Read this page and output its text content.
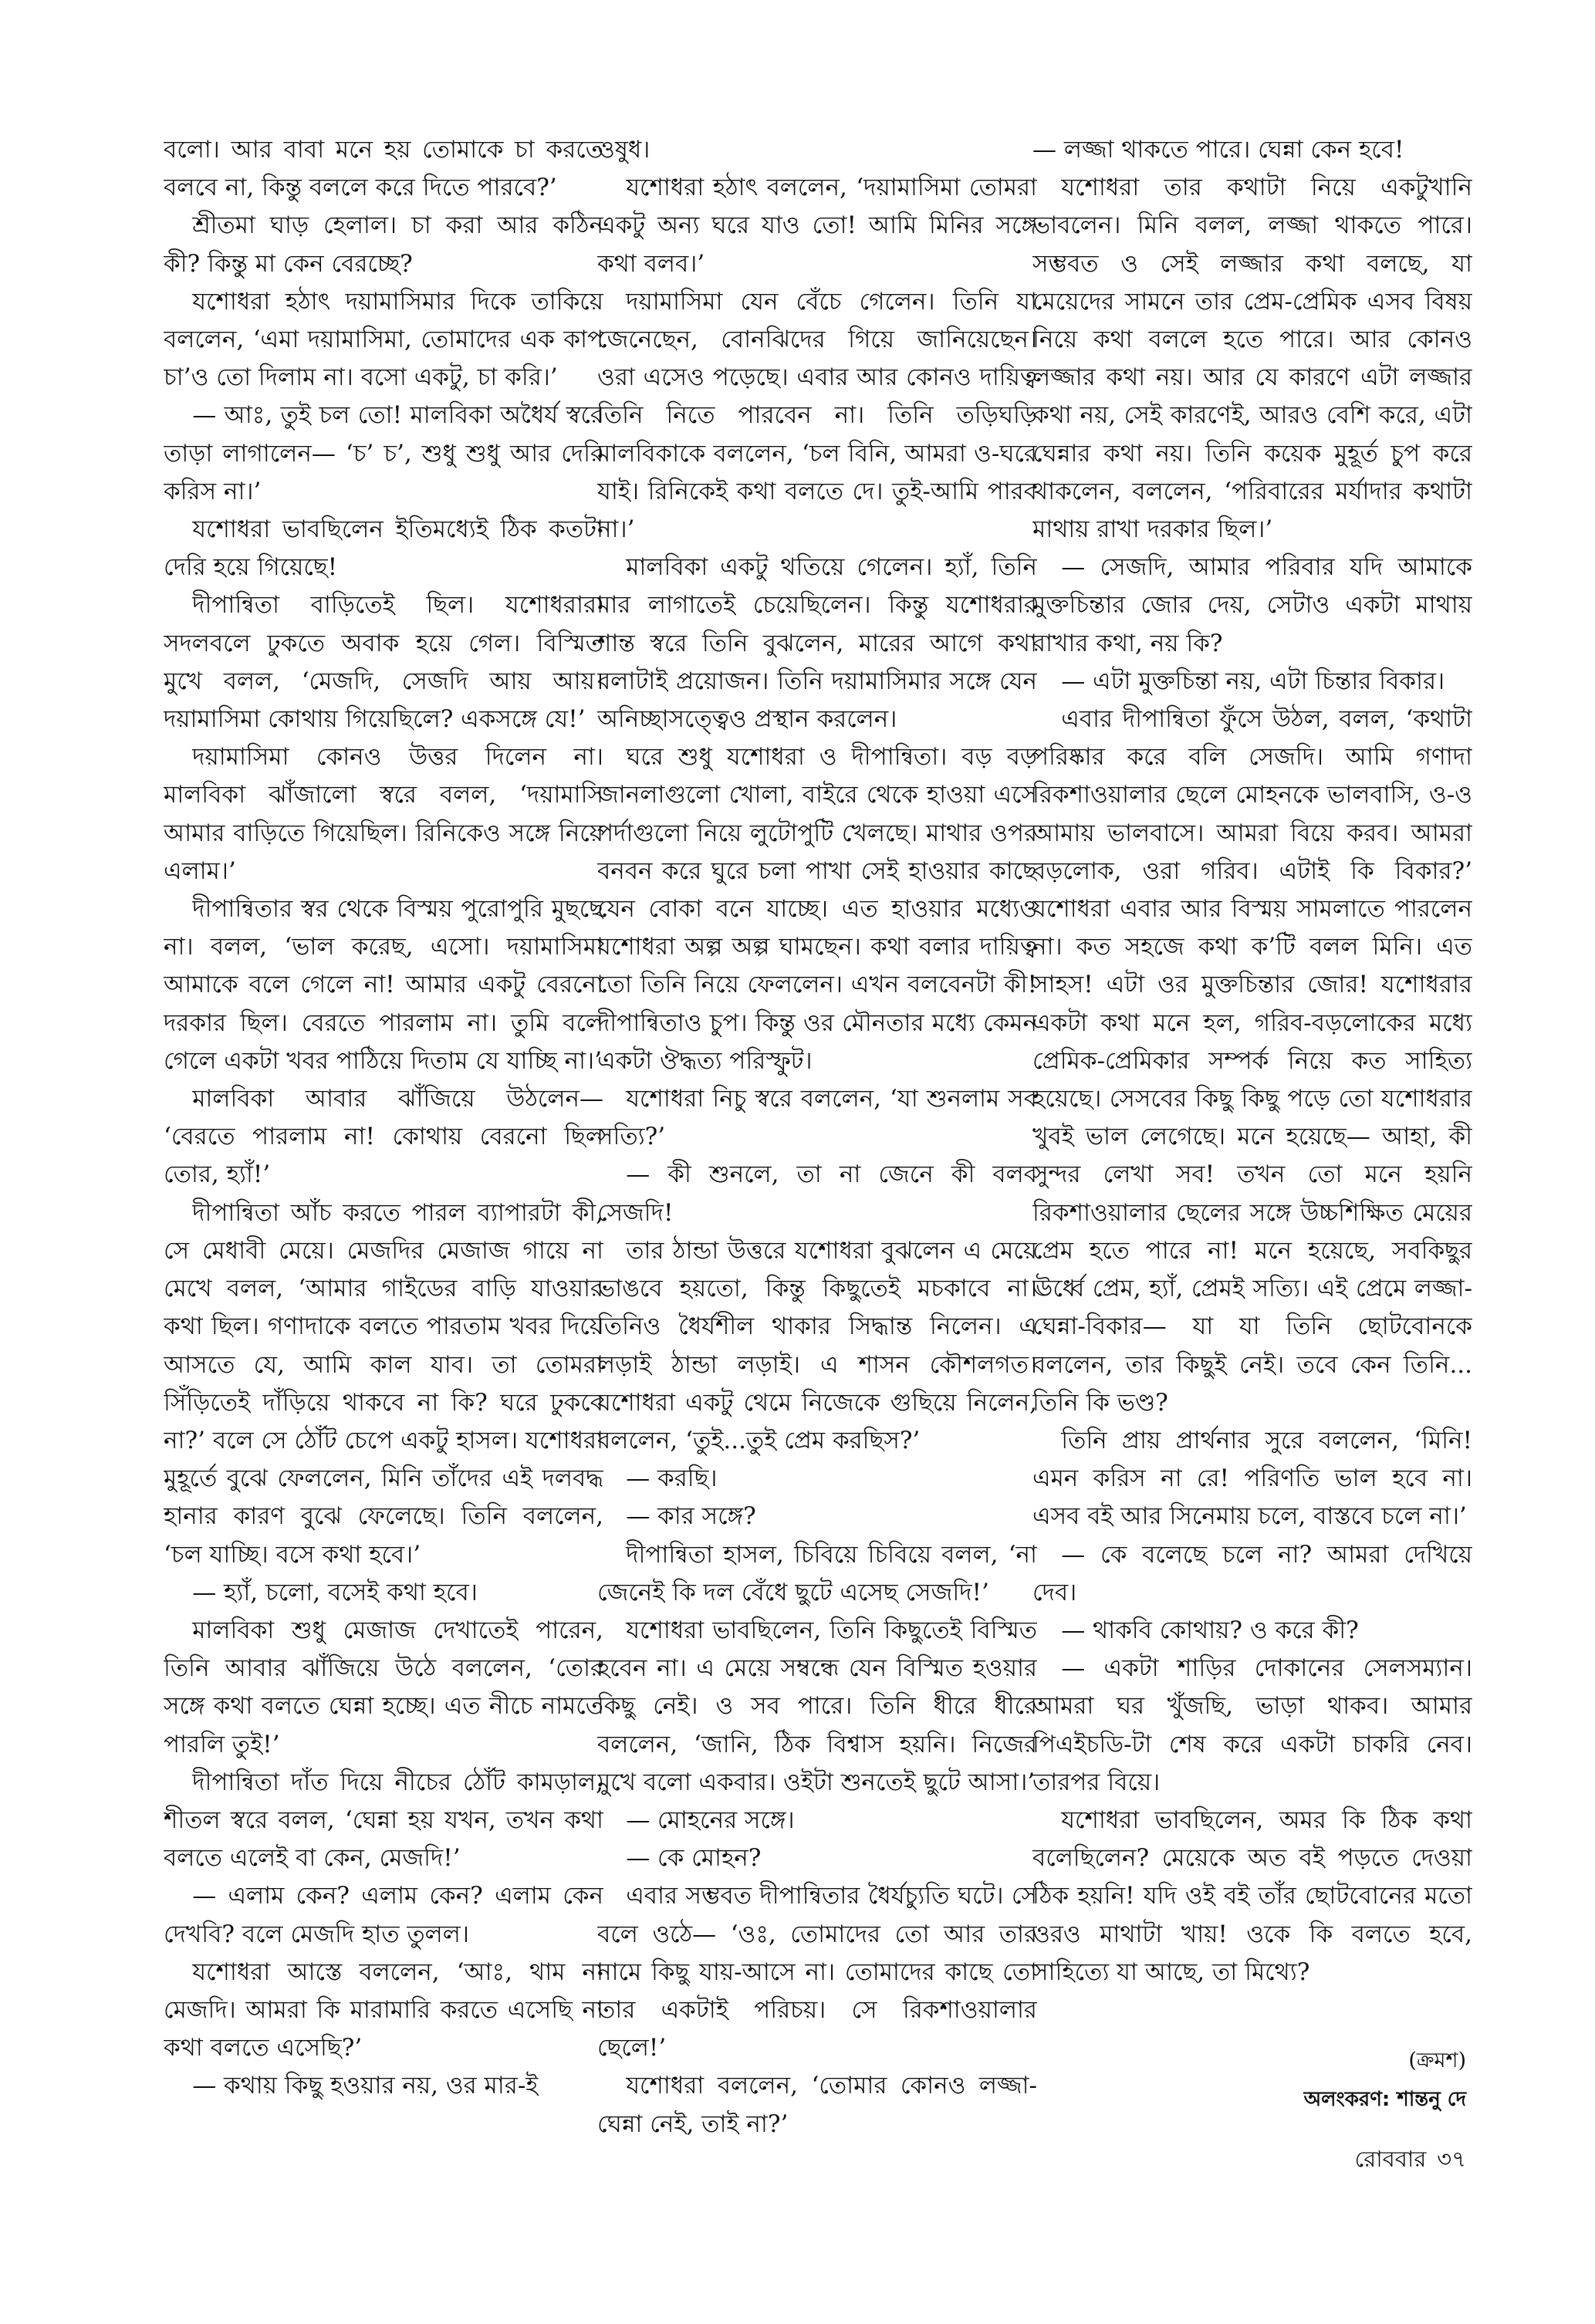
বলো। আর বাবা মনে হয় তোমাকে চা করতে বলবে না, কিন্তু বললে করে দিতে পারবে?’

শ্রীতমা ঘাড় হেলাল। চা করা আর কঠিন কী? কিন্তু মা কেন বেরচ্ছে?

যশোধরা হঠাৎ দয়ামাসিমার দিকে তাকিয়ে বললেন, ‘এমা দয়ামাসিমা, তোমাদের এক কাপ চা’ও তো দিলাম না। বসো একটু, চা করি।’

— আঃ, তুই চল তো! মালবিকা অধৈর্য স্বরে তাড়া লাগালেন— ‘চ’ চ’, শুধু শুধু আর দেরি করিস না।’

যশোধরা ভাবছিলেন ইতিমধ্যেই ঠিক কতটা দেরি হয়ে গিয়েছে!

দীপান্বিতা বাড়িতেই ছিল। যশোধরারা সদলবলে ঢুকতে অবাক হয়ে গেল। বিস্মিত মুখে বলল, ‘মেজদি, সেজদি আয় আয়। দয়ামাসিমা কোথায় গিয়েছিলে? একসঙ্গে যে!’

দয়ামাসিমা কোনও উত্তর দিলেন না। মালবিকা ঝাঁজালো স্বরে বলল, ‘দয়ামাসি আমার বাড়িতে গিয়েছিল। রিনিকেও সঙ্গে নিয়ে এলাম।’

দীপান্বিতার স্বর থেকে বিস্ময় পুরোপুরি মুছছে না। বলল, ‘ভাল করেছ, এসো। দয়ামাসিমা আমাকে বলে গেলে না! আমার একটু বেরনো দরকার ছিল। বেরতে পারলাম না। তুমি বলে গেলে একটা খবর পাঠিয়ে দিতাম যে যাচ্ছি না।’

মালবিকা আবার ঝাঁজিয়ে উঠলেন— ‘বেরতে পারলাম না! কোথায় বেরনো ছিল তোর, হ্যাঁ!’

দীপান্বিতা আঁচ করতে পারল ব্যাপারটা কী, সে মেধাবী মেয়ে। মেজদির মেজাজ গায়ে না মেখে বলল, ‘আমার গাইডের বাড়ি যাওয়ার কথা ছিল। গণাদাকে বলতে পারতাম খবর দিয়ে আসতে যে, আমি কাল যাব। তা তোমরা সিঁড়িতেই দাঁড়িয়ে থাকবে না কি? ঘরে ঢুকবে না?’ বলে সে ঠোঁট চেপে একটু হাসল। যশোধরা মুহূর্তে বুঝে ফেললেন, মিনি তাঁদের এই দলবদ্ধ হানার কারণ বুঝে ফেলেছে। তিনি বললেন, ‘চল যাচ্ছি। বসে কথা হবে।’

— হ্যাঁ, চলো, বসেই কথা হবে।

মালবিকা শুধু মেজাজ দেখাতেই পারেন, তিনি আবার ঝাঁজিয়ে উঠে বললেন, ‘তোর সঙ্গে কথা বলতে ঘেন্না হচ্ছে। এত নীচে নামতে পারলি তুই!’

দীপান্বিতা দাঁত দিয়ে নীচের ঠোঁট কামড়াল, শীতল স্বরে বলল, ‘ঘেন্না হয় যখন, তখন কথা বলতে এলেই বা কেন, মেজদি!’

— এলাম কেন? এলাম কেন? এলাম কেন দেখবি? বলে মেজদি হাত তুলল।

যশোধরা আস্তে বললেন, ‘আঃ, থাম না মেজদি। আমরা কি মারামারি করতে এসেছি না কথা বলতে এসেছি?’

— কথায় কিছু হওয়ার নয়, ওর মার-ই

ওষুধ।

যশোধরা হঠাৎ বললেন, ‘দয়ামাসিমা তোমরা একটু অন্য ঘরে যাও তো! আমি মিনির সঙ্গে কথা বলব।’

দয়ামাসিমা যেন বেঁচে গেলেন। তিনি যা জেনেছেন, বোনঝিদের গিয়ে জানিয়েছেন। ওরা এসেও পড়েছে। এবার আর কোনও দায়িত্ব তিনি নিতে পারবেন না। তিনি তড়িঘড়ি মালবিকাকে বললেন, ‘চল বিনি, আমরা ও-ঘরে যাই। রিনিকেই কথা বলতে দে। তুই-আমি পারব না।’

মালবিকা একটু থতিয়ে গেলেন। হ্যাঁ, তিনি মার লাগাতেই চেয়েছিলেন। কিন্তু যশোধরার শান্ত স্বরে তিনি বুঝলেন, মারের আগে কথা বলাটাই প্রয়োজন। তিনি দয়ামাসিমার সঙ্গে যেন অনিচ্ছাসত্ত্বেও প্রস্থান করলেন।

ঘরে শুধু যশোধরা ও দীপান্বিতা। বড় বড় জানলাগুলো খোলা, বাইরে থেকে হাওয়া এসে পর্দাগুলো নিয়ে লুটোপুটি খেলছে। মাথার ওপর বনবন করে ঘুরে চলা পাখা সেই হাওয়ার কাছে যেন বোকা বনে যাচ্ছে। এত হাওয়ার মধ্যেও যশোধরা অল্প অল্প ঘামছেন। কথা বলার দায়িত্ব তো তিনি নিয়ে ফেললেন। এখন বলবেনটা কী! দীপান্বিতাও চুপ। কিন্তু ওর মৌনতার মধ্যে কেমন একটা ঔদ্ধত্য পরিস্ফুট।

যশোধরা নিচু স্বরে বললেন, ‘যা শুনলাম সব সত্যি?’

— কী শুনলে, তা না জেনে কী বলব সেজদি!

তার ঠান্ডা উত্তরে যশোধরা বুঝলেন এ মেয়ে ভাঙবে হয়তো, কিন্তু কিছুতেই মচকাবে না। তিনিও ধৈর্যশীল থাকার সিদ্ধান্ত নিলেন। এ লড়াই ঠান্ডা লড়াই। এ শাসন কৌশলগত। যশোধরা একটু থেমে নিজেকে গুছিয়ে নিলেন, বললেন, ‘তুই...তুই প্রেম করছিস?’

— করছি।

— কার সঙ্গে?

দীপান্বিতা হাসল, চিবিয়ে চিবিয়ে বলল, ‘না জেনেই কি দল বেঁধে ছুটে এসেছ সেজদি!’

যশোধরা ভাবছিলেন, তিনি কিছুতেই বিস্মিত হবেন না। এ মেয়ে সম্বন্ধে যেন বিস্মিত হওয়ার কিছু নেই। ও সব পারে। তিনি ধীরে ধীরে বললেন, ‘জানি, ঠিক বিশ্বাস হয়নি। নিজের মুখে বলো একবার। ওইটা শুনতেই ছুটে আসা।’

— মোহনের সঙ্গে।

— কে মোহন?

এবার সম্ভবত দীপান্বিতার ধৈর্যচ্যুতি ঘটে। সে বলে ওঠে— ‘ওঃ, তোমাদের তো আর তার নামে কিছু যায়-আসে না। তোমাদের কাছে তো তার একটাই পরিচয়। সে রিকশাওয়ালার ছেলে!’

যশোধরা বললেন, ‘তোমার কোনও লজ্জা-ঘেন্না নেই, তাই না?’

— লজ্জা থাকতে পারে। ঘেন্না কেন হবে!

যশোধরা তার কথাটা নিয়ে একটুখানি ভাবলেন। মিনি বলল, লজ্জা থাকতে পারে। সম্ভবত ও সেই লজ্জার কথা বলছে, যা মেয়েদের সামনে তার প্রেম-প্রেমিক এসব বিষয় নিয়ে কথা বললে হতে পারে। আর কোনও লজ্জার কথা নয়। আর যে কারণে এটা লজ্জার কথা নয়, সেই কারণেই, আরও বেশি করে, এটা ঘেন্নার কথা নয়। তিনি কয়েক মুহূর্ত চুপ করে থাকলেন, বললেন, ‘পরিবারের মর্যাদার কথাটা মাথায় রাখা দরকার ছিল।’

— সেজদি, আমার পরিবার যদি আমাকে মুক্তচিন্তার জোর দেয়, সেটাও একটা মাথায় রাখার কথা, নয় কি?

— এটা মুক্তচিন্তা নয়, এটা চিন্তার বিকার।

এবার দীপান্বিতা ফুঁসে উঠল, বলল, ‘কথাটা পরিষ্কার করে বলি সেজদি। আমি গণাদা রিকশাওয়ালার ছেলে মোহনকে ভালবাসি, ও-ও আমায় ভালবাসে। আমরা বিয়ে করব। আমরা বড়লোক, ওরা গরিব। এটাই কি বিকার?’ যশোধরা এবার আর বিস্ময় সামলাতে পারলেন না। কত সহজে কথা ক’টি বলল মিনি। এত সাহস! এটা ওর মুক্তচিন্তার জোর! যশোধরার একটা কথা মনে হল, গরিব-বড়লোকের মধ্যে প্রেমিক-প্রেমিকার সম্পর্ক নিয়ে কত সাহিত্য হয়েছে। সেসবের কিছু কিছু পড়ে তো যশোধরার খুবই ভাল লেগেছে। মনে হয়েছে— আহা, কী সুন্দর লেখা সব! তখন তো মনে হয়নি রিকশাওয়ালার ছেলের সঙ্গে উচ্চশিক্ষিত মেয়ের প্রেম হতে পারে না! মনে হয়েছে, সবকিছুর ঊর্ধ্বে প্রেম, হ্যাঁ, প্রেমই সত্যি। এই প্রেমে লজ্জা-ঘেন্না-বিকার— যা যা তিনি ছোটবোনকে বললেন, তার কিছুই নেই। তবে কেন তিনি... তিনি কি ভণ্ড?

তিনি প্রায় প্রার্থনার সুরে বললেন, ‘মিনি! এমন করিস না রে! পরিণতি ভাল হবে না। এসব বই আর সিনেমায় চলে, বাস্তবে চলে না।’

— কে বলেছে চলে না? আমরা দেখিয়ে দেব।

— থাকবি কোথায়? ও করে কী?

— একটা শাড়ির দোকানের সেলসম্যান। আমরা ঘর খুঁজছি, ভাড়া থাকব। আমার পিএইচডি-টা শেষ করে একটা চাকরি নেব। তারপর বিয়ে।

যশোধরা ভাবছিলেন, অমর কি ঠিক কথা বলেছিলেন? মেয়েকে অত বই পড়তে দেওয়া ঠিক হয়নি! যদি ওই বই তাঁর ছোটবোনের মতো ওরও মাথাটা খায়! ওকে কি বলতে হবে, সাহিত্যে যা আছে, তা মিথ্যে?

(ক্রমশ)
অলংকরণ: শান্তনু দে
রোববার ৩৭
